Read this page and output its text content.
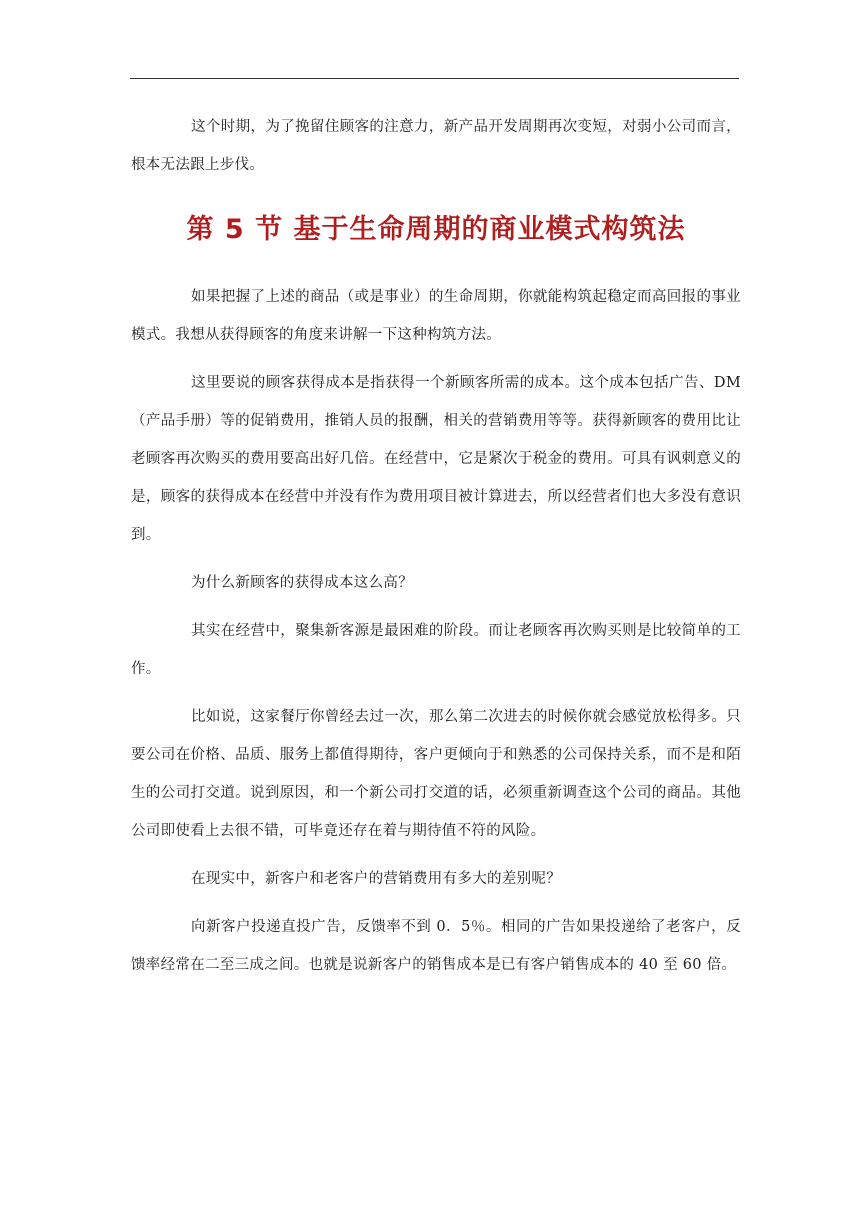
这个时期，为了挽留住顾客的注意力，新产品开发周期再次变短，对弱小公司而言，根本无法跟上步伐。

第 5 节 基于生命周期的商业模式构筑法

如果把握了上述的商品（或是事业）的生命周期，你就能构筑起稳定而高回报的事业模式。我想从获得顾客的角度来讲解一下这种构筑方法。

这里要说的顾客获得成本是指获得一个新顾客所需的成本。这个成本包括广告、DM（产品手册）等的促销费用，推销人员的报酬，相关的营销费用等等。获得新顾客的费用比让老顾客再次购买的费用要高出好几倍。在经营中，它是紧次于税金的费用。可具有讽刺意义的是，顾客的获得成本在经营中并没有作为费用项目被计算进去，所以经营者们也大多没有意识到。

为什么新顾客的获得成本这么高？

其实在经营中，聚集新客源是最困难的阶段。而让老顾客再次购买则是比较简单的工作。

比如说，这家餐厅你曾经去过一次，那么第二次进去的时候你就会感觉放松得多。只要公司在价格、品质、服务上都值得期待，客户更倾向于和熟悉的公司保持关系，而不是和陌生的公司打交道。说到原因，和一个新公司打交道的话，必须重新调查这个公司的商品。其他公司即使看上去很不错，可毕竟还存在着与期待值不符的风险。

在现实中，新客户和老客户的营销费用有多大的差别呢？

向新客户投递直投广告，反馈率不到 0．5％。相同的广告如果投递给了老客户，反馈率经常在二至三成之间。也就是说新客户的销售成本是已有客户销售成本的 40 至 60 倍。
